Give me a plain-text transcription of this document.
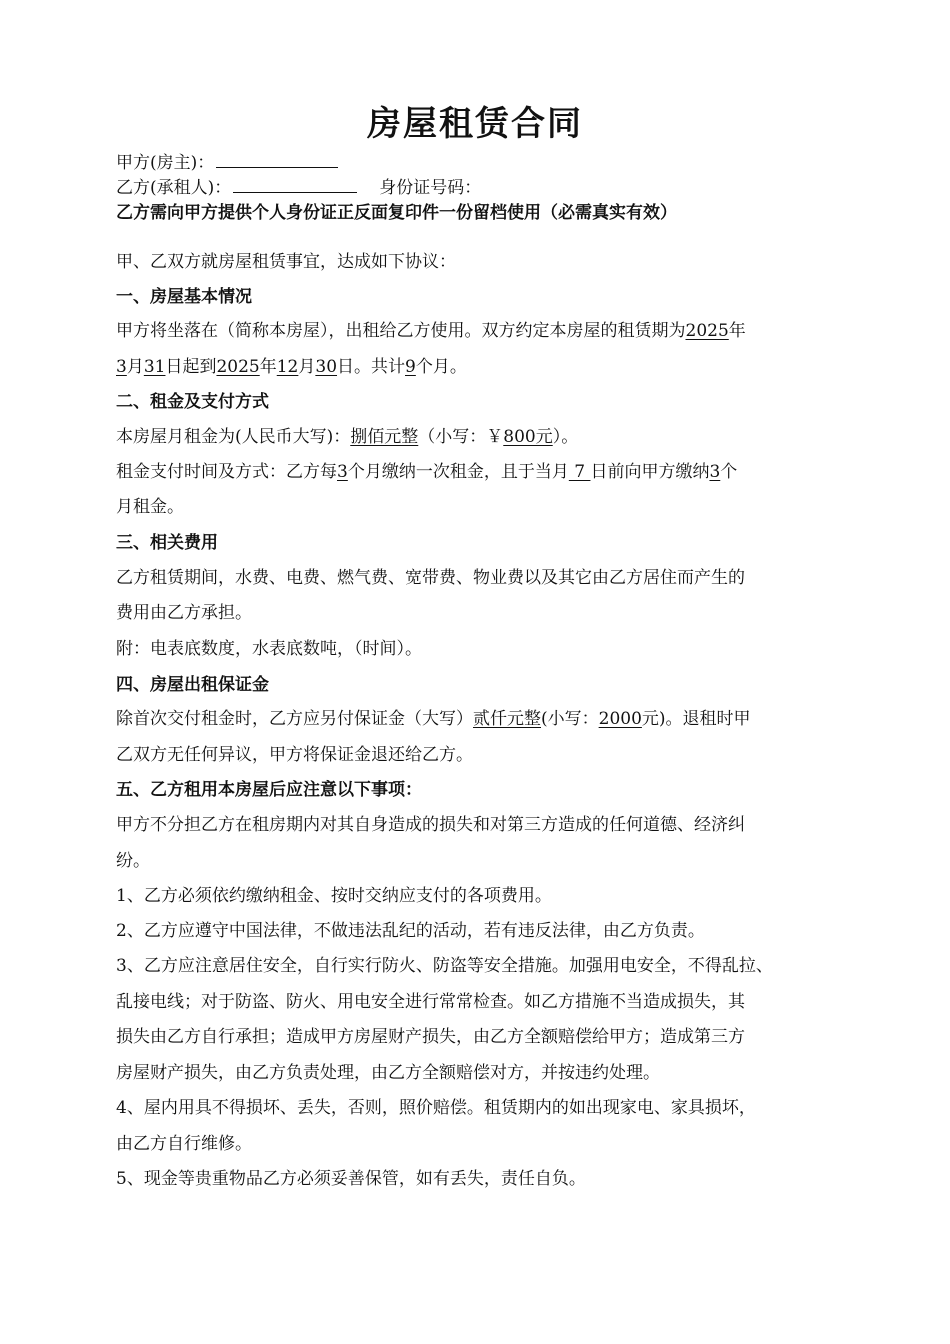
房屋租赁合同
甲方(房主)：
乙方(承租人)：	身份证号码：
乙方需向甲方提供个人身份证正反面复印件一份留档使用（必需真实有效）
甲、乙双方就房屋租赁事宜，达成如下协议：
一、房屋基本情况
甲方将坐落在（简称本房屋），出租给乙方使用。双方约定本房屋的租赁期为2025年
3月31日起到2025年12月30日。共计9个月。
二、租金及支付方式
本房屋月租金为(人民币大写)：捌佰元整（小写：￥800元）。
租金支付时间及方式：乙方每3个月缴纳一次租金，且于当月 7 日前向甲方缴纳3个
月租金。
三、相关费用
乙方租赁期间，水费、电费、燃气费、宽带费、物业费以及其它由乙方居住而产生的
费用由乙方承担。
附：电表底数度，水表底数吨，（时间）。
四、房屋出租保证金
除首次交付租金时，乙方应另付保证金（大写）贰仟元整(小写：2000元)。退租时甲
乙双方无任何异议，甲方将保证金退还给乙方。
五、乙方租用本房屋后应注意以下事项：
甲方不分担乙方在租房期内对其自身造成的损失和对第三方造成的任何道德、经济纠
纷。
1、乙方必须依约缴纳租金、按时交纳应支付的各项费用。
2、乙方应遵守中国法律，不做违法乱纪的活动，若有违反法律，由乙方负责。
3、乙方应注意居住安全，自行实行防火、防盗等安全措施。加强用电安全，不得乱拉、
乱接电线；对于防盗、防火、用电安全进行常常检查。如乙方措施不当造成损失，其
损失由乙方自行承担；造成甲方房屋财产损失，由乙方全额赔偿给甲方；造成第三方
房屋财产损失，由乙方负责处理，由乙方全额赔偿对方，并按违约处理。
4、屋内用具不得损坏、丢失，否则，照价赔偿。租赁期内的如出现家电、家具损坏，
由乙方自行维修。
5、现金等贵重物品乙方必须妥善保管，如有丢失，责任自负。
